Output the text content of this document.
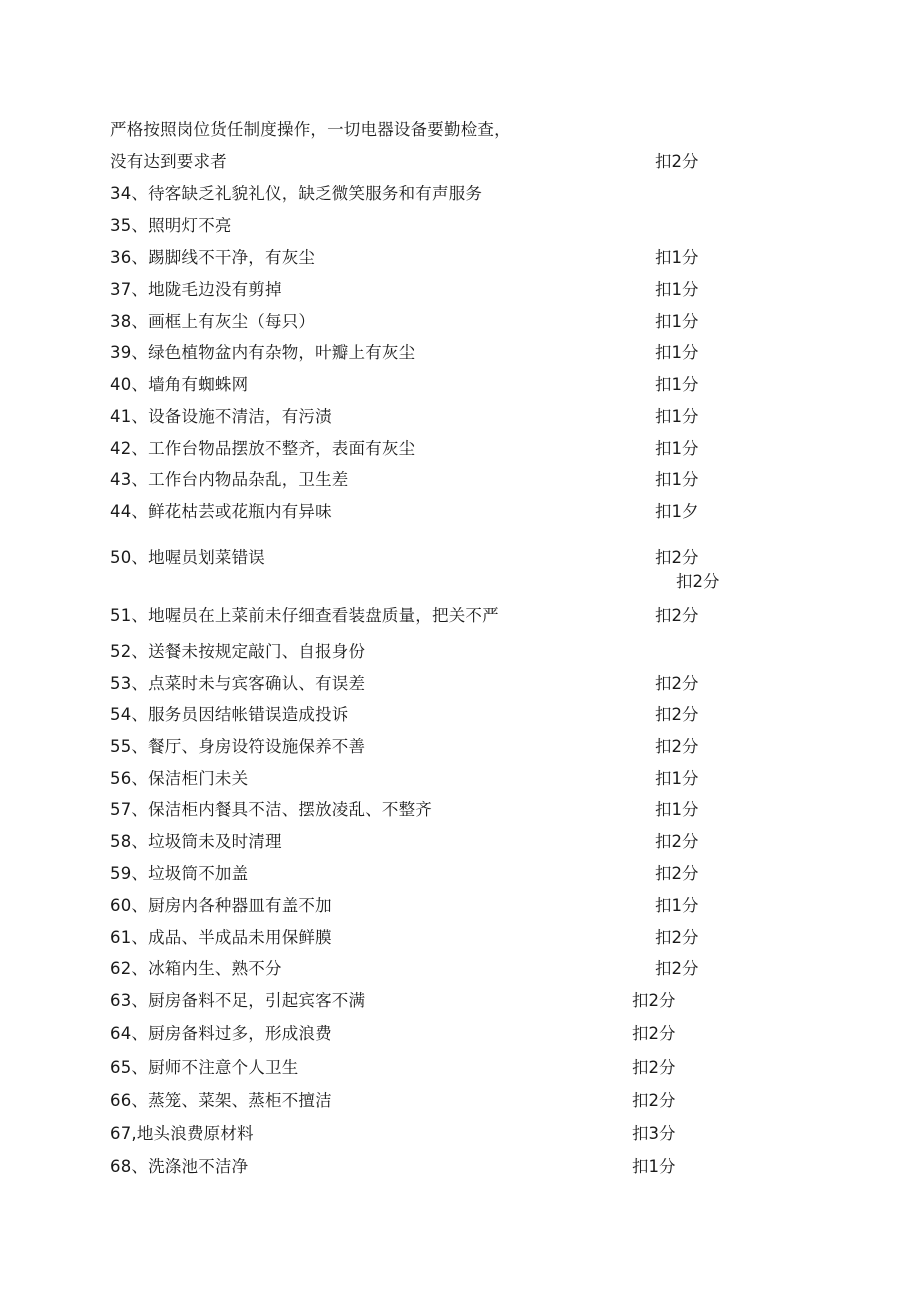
严格按照岗位货任制度操作，一切电器设备要勤检查，
没有达到要求者	扣2分
34、待客缺乏礼貌礼仪，缺乏微笑服务和有声服务
35、照明灯不亮
36、踢脚线不干净，有灰尘	扣1分
37、地陇毛边没有剪掉	扣1分
38、画框上有灰尘（每只）	扣1分
39、绿色植物盆内有杂物，叶瓣上有灰尘	扣1分
40、墙角有蜘蛛网	扣1分
41、设备设施不清洁，有污渍	扣1分
42、工作台物品摆放不整齐，表面有灰尘	扣1分
43、工作台内物品杂乱，卫生差	扣1分
44、鲜花枯芸或花瓶内有异味	扣1夕
50、地喔员划菜错误	扣2分
扣2分
51、地喔员在上菜前未仔细查看装盘质量，把关不严	扣2分
52、送餐未按规定敲门、自报身份
53、点菜时未与宾客确认、有误差	扣2分
54、服务员因结帐错误造成投诉	扣2分
55、餐厅、身房设符设施保养不善	扣2分
56、保洁柜门未关	扣1分
57、保洁柜内餐具不洁、摆放凌乱、不整齐	扣1分
58、垃圾筒未及时清理	扣2分
59、垃圾筒不加盖	扣2分
60、厨房内各种器皿有盖不加	扣1分
61、成品、半成品未用保鲜膜	扣2分
62、冰箱内生、熟不分	扣2分
63、厨房备料不足，引起宾客不满	扣2分
64、厨房备料过多，形成浪费	扣2分
65、厨师不注意个人卫生	扣2分
66、蒸笼、菜架、蒸柜不擅洁	扣2分
67,地头浪费原材料	扣3分
68、洗涤池不洁净	扣1分
